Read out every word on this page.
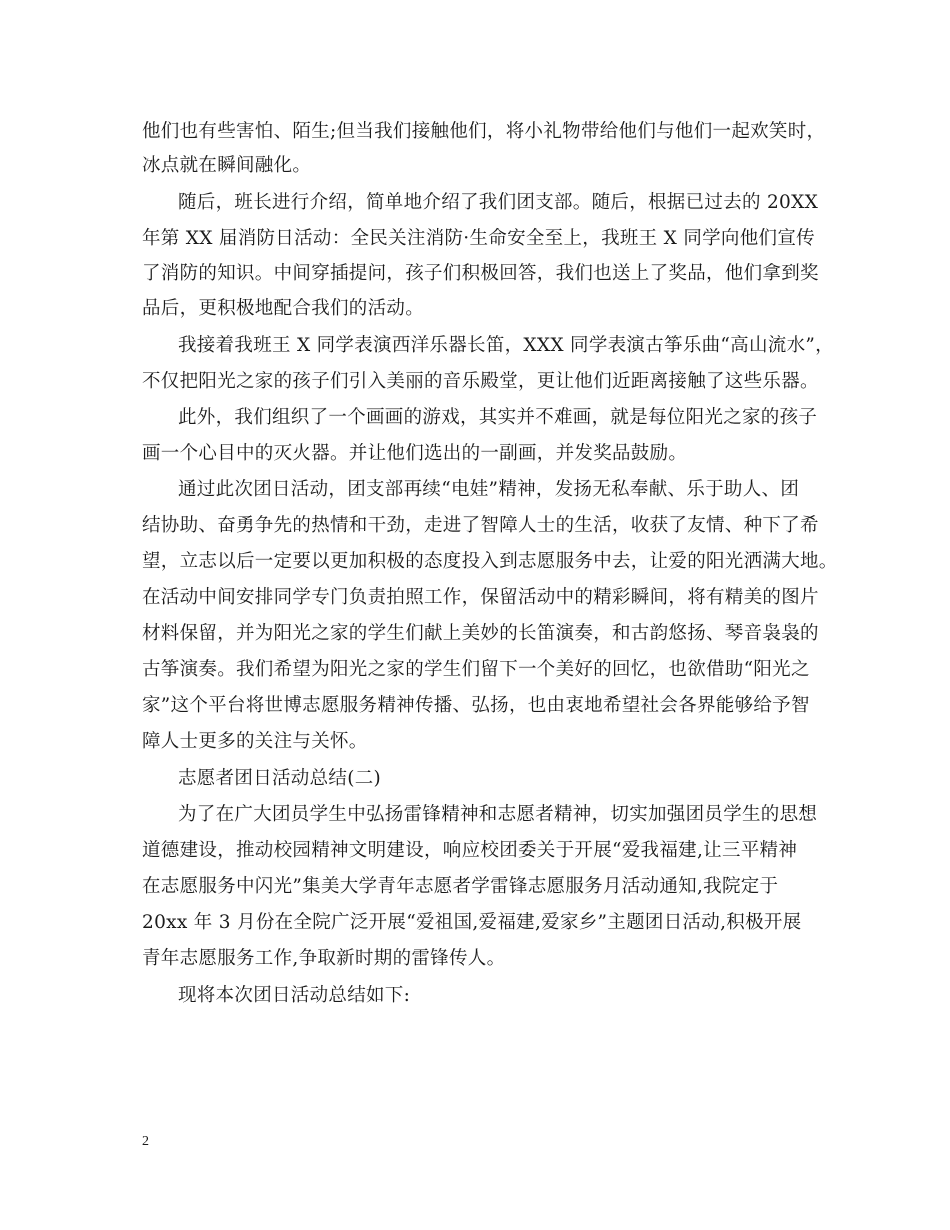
他们也有些害怕、陌生;但当我们接触他们，将小礼物带给他们与他们一起欢笑时，
冰点就在瞬间融化。
随后，班长进行介绍，简单地介绍了我们团支部。随后，根据已过去的 20XX
年第 XX 届消防日活动：全民关注消防·生命安全至上，我班王 X 同学向他们宣传
了消防的知识。中间穿插提问，孩子们积极回答，我们也送上了奖品，他们拿到奖
品后，更积极地配合我们的活动。
我接着我班王 X 同学表演西洋乐器长笛，XXX 同学表演古筝乐曲“高山流水”，
不仅把阳光之家的孩子们引入美丽的音乐殿堂，更让他们近距离接触了这些乐器。
此外，我们组织了一个画画的游戏，其实并不难画，就是每位阳光之家的孩子
画一个心目中的灭火器。并让他们选出的一副画，并发奖品鼓励。
通过此次团日活动，团支部再续“电娃”精神，发扬无私奉献、乐于助人、团
结协助、奋勇争先的热情和干劲，走进了智障人士的生活，收获了友情、种下了希
望，立志以后一定要以更加积极的态度投入到志愿服务中去，让爱的阳光洒满大地。
在活动中间安排同学专门负责拍照工作，保留活动中的精彩瞬间，将有精美的图片
材料保留，并为阳光之家的学生们献上美妙的长笛演奏，和古韵悠扬、琴音袅袅的
古筝演奏。我们希望为阳光之家的学生们留下一个美好的回忆，也欲借助“阳光之
家”这个平台将世博志愿服务精神传播、弘扬，也由衷地希望社会各界能够给予智
障人士更多的关注与关怀。
志愿者团日活动总结(二)
为了在广大团员学生中弘扬雷锋精神和志愿者精神，切实加强团员学生的思想
道德建设，推动校园精神文明建设，响应校团委关于开展“爱我福建,让三平精神
在志愿服务中闪光”集美大学青年志愿者学雷锋志愿服务月活动通知,我院定于
20xx 年 3 月份在全院广泛开展“爱祖国,爱福建,爱家乡”主题团日活动,积极开展
青年志愿服务工作,争取新时期的雷锋传人。
现将本次团日活动总结如下:
2
